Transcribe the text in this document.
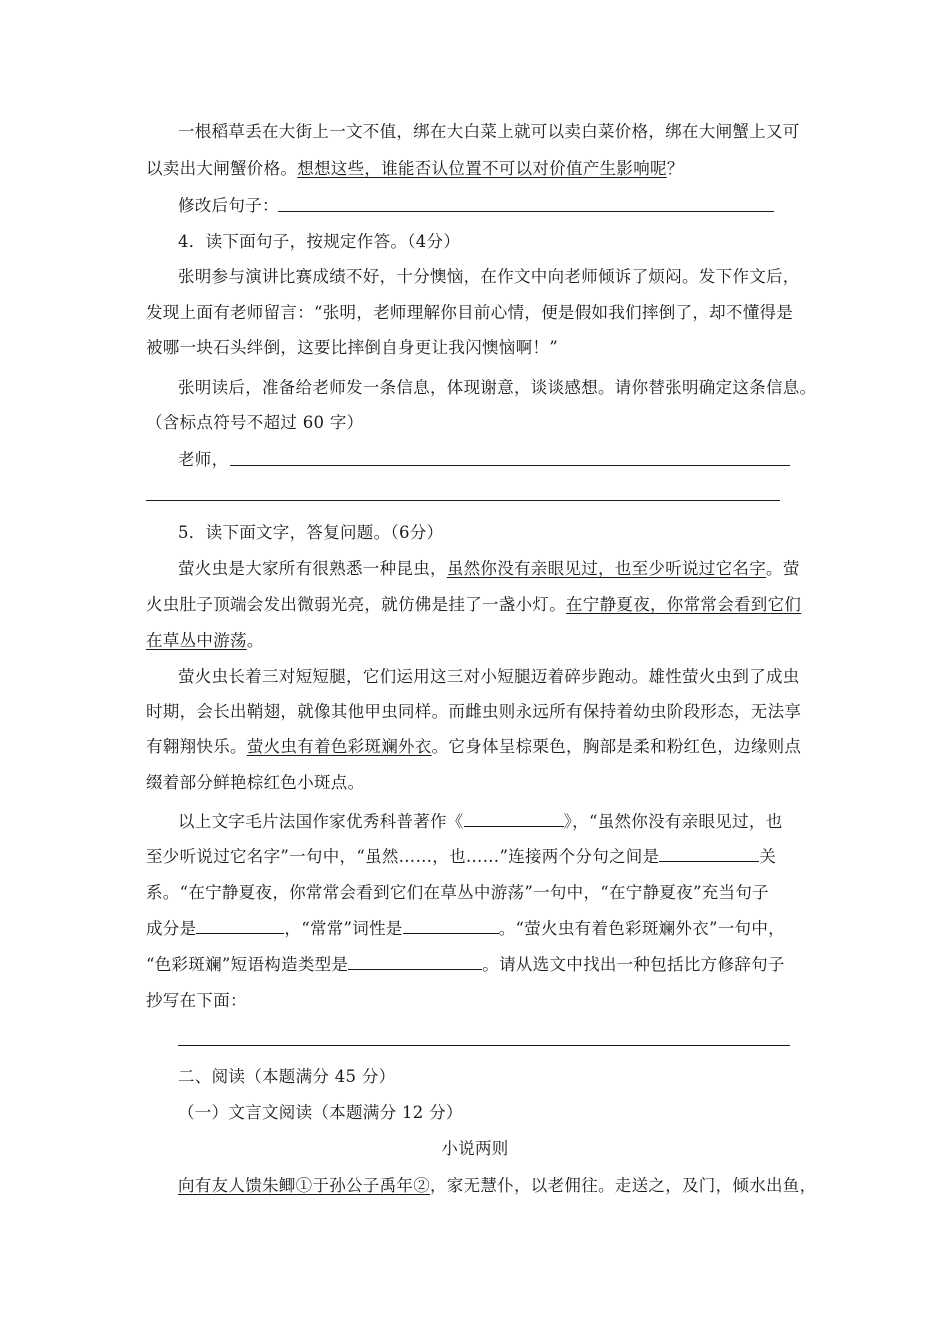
一根稻草丢在大街上一文不值，绑在大白菜上就可以卖白菜价格，绑在大闸蟹上又可
以卖出大闸蟹价格。想想这些，谁能否认位置不可以对价值产生影响呢？
修改后句子：
4．读下面句子，按规定作答。（4分）
张明参与演讲比赛成绩不好，十分懊恼，在作文中向老师倾诉了烦闷。发下作文后，
发现上面有老师留言：“张明，老师理解你目前心情，便是假如我们摔倒了，却不懂得是
被哪一块石头绊倒，这要比摔倒自身更让我闪懊恼啊！”
张明读后，准备给老师发一条信息，体现谢意，谈谈感想。请你替张明确定这条信息。
（含标点符号不超过 60 字）
老师，
5．读下面文字，答复问题。（6分）
萤火虫是大家所有很熟悉一种昆虫，虽然你没有亲眼见过，也至少听说过它名字。萤
火虫肚子顶端会发出微弱光亮，就仿佛是挂了一盏小灯。在宁静夏夜，你常常会看到它们
在草丛中游荡。
萤火虫长着三对短短腿，它们运用这三对小短腿迈着碎步跑动。雄性萤火虫到了成虫
时期，会长出鞘翅，就像其他甲虫同样。而雌虫则永远所有保持着幼虫阶段形态，无法享
有翱翔快乐。萤火虫有着色彩斑斓外衣。它身体呈棕栗色，胸部是柔和粉红色，边缘则点
缀着部分鲜艳棕红色小斑点。
以上文字毛片法国作家优秀科普著作《	》，“虽然你没有亲眼见过，也
至少听说过它名字”一句中，“虽然……，也……”连接两个分句之间是	关
系。“在宁静夏夜，你常常会看到它们在草丛中游荡”一句中，“在宁静夏夜”充当句子
成分是	，“常常”词性是	。“萤火虫有着色彩斑斓外衣”一句中，
“色彩斑斓”短语构造类型是	。请从选文中找出一种包括比方修辞句子
抄写在下面：
二、阅读（本题满分 45 分）
（一）文言文阅读（本题满分 12 分）
小说两则
向有友人馈朱鲫①于孙公子禹年②，家无慧仆，以老佣往。走送之，及门，倾水出鱼，
